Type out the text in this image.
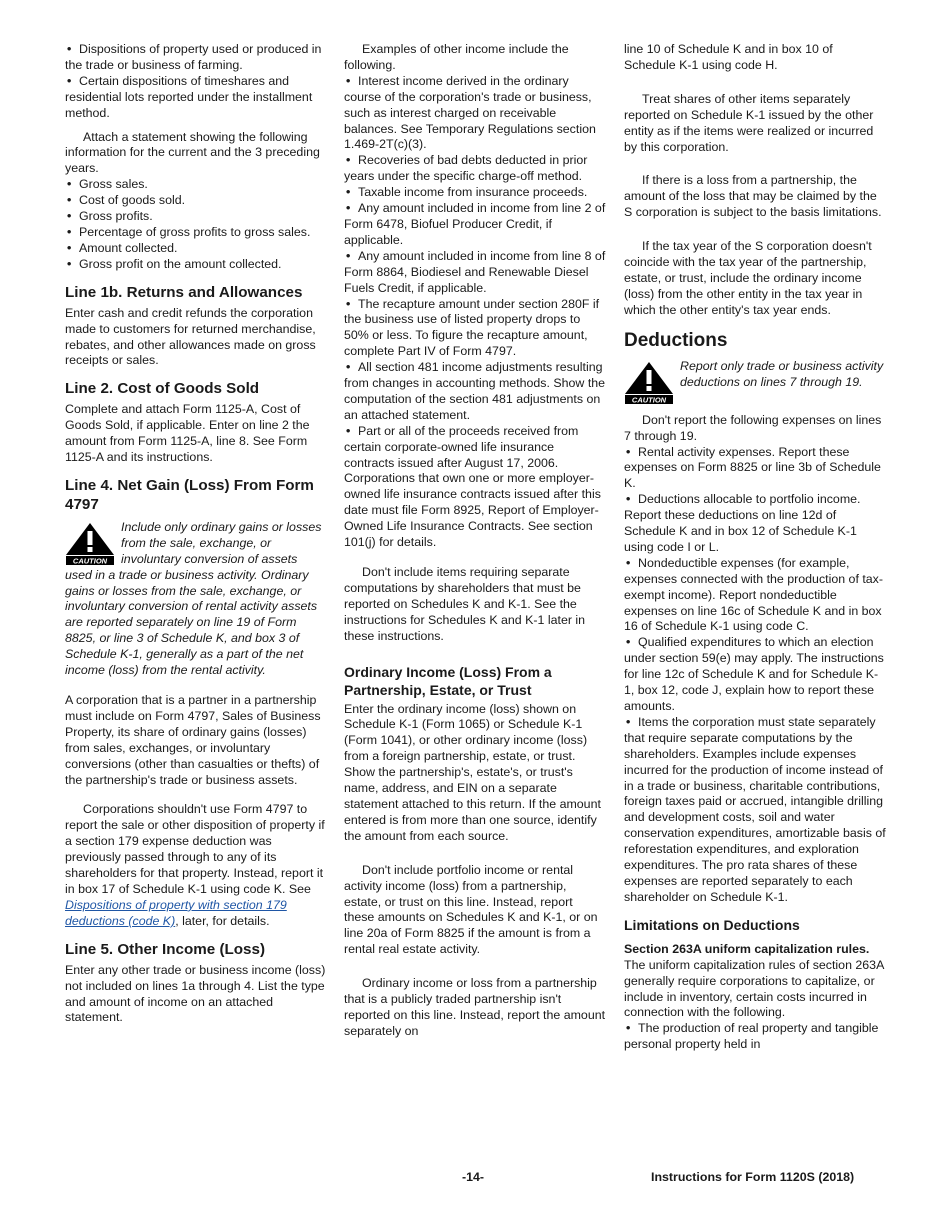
• Dispositions of property used or produced in the trade or business of farming.
• Certain dispositions of timeshares and residential lots reported under the installment method.

Attach a statement showing the following information for the current and the 3 preceding years.

• Gross sales.
• Cost of goods sold.
• Gross profits.
• Percentage of gross profits to gross sales.
• Amount collected.
• Gross profit on the amount collected.
Line 1b. Returns and Allowances

Enter cash and credit refunds the corporation made to customers for returned merchandise, rebates, and other allowances made on gross receipts or sales.

Line 2. Cost of Goods Sold

Complete and attach Form 1125-A, Cost of Goods Sold, if applicable. Enter on line 2 the amount from Form 1125-A, line 8. See Form 1125-A and its instructions.

Line 4. Net Gain (Loss) From Form 4797
CAUTION
Include only ordinary gains or losses from the sale, exchange, or involuntary conversion of assets used in a trade or business activity. Ordinary gains or losses from the sale, exchange, or involuntary conversion of rental activity assets are reported separately on line 19 of Form 8825, or line 3 of Schedule K, and box 3 of Schedule K-1, generally as a part of the net income (loss) from the rental activity.

A corporation that is a partner in a partnership must include on Form 4797, Sales of Business Property, its share of ordinary gains (losses) from sales, exchanges, or involuntary conversions (other than casualties or thefts) of the partnership's trade or business assets.

Corporations shouldn't use Form 4797 to report the sale or other disposition of property if a section 179 expense deduction was previously passed through to any of its shareholders for that property. Instead, report it in box 17 of Schedule K-1 using code K. See Dispositions of property with section 179 deductions (code K), later, for details.

Line 5. Other Income (Loss)

Enter any other trade or business income (loss) not included on lines 1a through 4. List the type and amount of income on an attached statement.

Examples of other income include the following.

• Interest income derived in the ordinary course of the corporation's trade or business, such as interest charged on receivable balances. See Temporary Regulations section 1.469-2T(c)(3).
• Recoveries of bad debts deducted in prior years under the specific charge-off method.
• Taxable income from insurance proceeds.
• Any amount included in income from line 2 of Form 6478, Biofuel Producer Credit, if applicable.
• Any amount included in income from line 8 of Form 8864, Biodiesel and Renewable Diesel Fuels Credit, if applicable.
• The recapture amount under section 280F if the business use of listed property drops to 50% or less. To figure the recapture amount, complete Part IV of Form 4797.
• All section 481 income adjustments resulting from changes in accounting methods. Show the computation of the section 481 adjustments on an attached statement.
• Part or all of the proceeds received from certain corporate-owned life insurance contracts issued after August 17, 2006. Corporations that own one or more employer-owned life insurance contracts issued after this date must file Form 8925, Report of Employer-Owned Life Insurance Contracts. See section 101(j) for details.

Don't include items requiring separate computations by shareholders that must be reported on Schedules K and K-1. See the instructions for Schedules K and K-1 later in these instructions.

Ordinary Income (Loss) From a Partnership, Estate, or Trust

Enter the ordinary income (loss) shown on Schedule K-1 (Form 1065) or Schedule K-1 (Form 1041), or other ordinary income (loss) from a foreign partnership, estate, or trust. Show the partnership's, estate's, or trust's name, address, and EIN on a separate statement attached to this return. If the amount entered is from more than one source, identify the amount from each source.

Don't include portfolio income or rental activity income (loss) from a partnership, estate, or trust on this line. Instead, report these amounts on Schedules K and K-1, or on line 20a of Form 8825 if the amount is from a rental real estate activity.

Ordinary income or loss from a partnership that is a publicly traded partnership isn't reported on this line. Instead, report the amount separately on

line 10 of Schedule K and in box 10 of Schedule K-1 using code H.

Treat shares of other items separately reported on Schedule K-1 issued by the other entity as if the items were realized or incurred by this corporation.

If there is a loss from a partnership, the amount of the loss that may be claimed by the S corporation is subject to the basis limitations.

If the tax year of the S corporation doesn't coincide with the tax year of the partnership, estate, or trust, include the ordinary income (loss) from the other entity in the tax year in which the other entity's tax year ends.

Deductions
CAUTION
Report only trade or business activity deductions on lines 7 through 19.

Don't report the following expenses on lines 7 through 19.

• Rental activity expenses. Report these expenses on Form 8825 or line 3b of Schedule K.
• Deductions allocable to portfolio income. Report these deductions on line 12d of Schedule K and in box 12 of Schedule K-1 using code I or L.
• Nondeductible expenses (for example, expenses connected with the production of tax-exempt income). Report nondeductible expenses on line 16c of Schedule K and in box 16 of Schedule K-1 using code C.
• Qualified expenditures to which an election under section 59(e) may apply. The instructions for line 12c of Schedule K and for Schedule K-1, box 12, code J, explain how to report these amounts.
• Items the corporation must state separately that require separate computations by the shareholders. Examples include expenses incurred for the production of income instead of in a trade or business, charitable contributions, foreign taxes paid or accrued, intangible drilling and development costs, soil and water conservation expenditures, amortizable basis of reforestation expenditures, and exploration expenditures. The pro rata shares of these expenses are reported separately to each shareholder on Schedule K-1.
Limitations on Deductions

Section 263A uniform capitalization rules. The uniform capitalization rules of section 263A generally require corporations to capitalize, or include in inventory, certain costs incurred in connection with the following.

• The production of real property and tangible personal property held in
-14-	Instructions for Form 1120S (2018)
